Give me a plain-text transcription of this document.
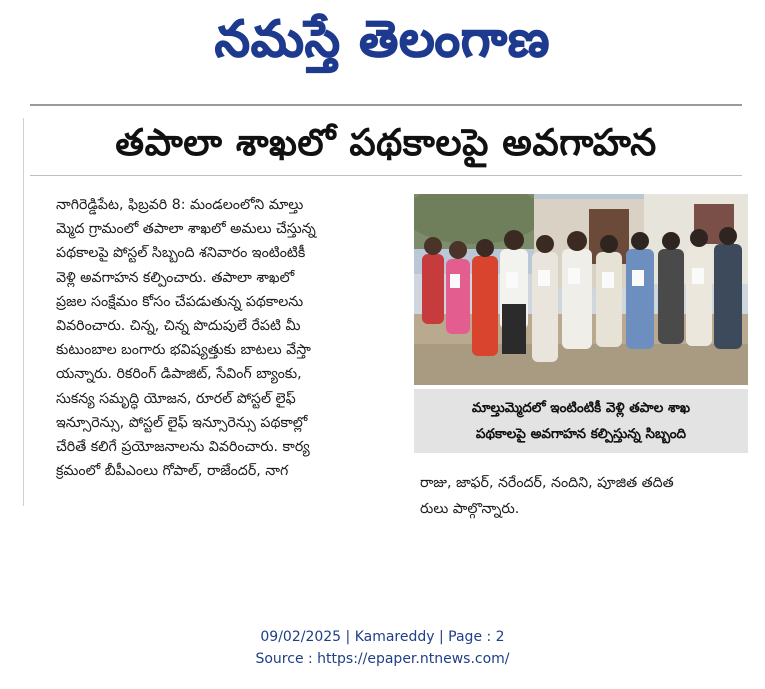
నమస్తే తెలంగాణ
తపాలా శాఖలో పథకాలపై అవగాహన
నాగిరెడ్డిపేట, ఫిబ్రవరి 8: మండలంలోని మాల్తు
మ్మెద గ్రామంలో తపాలా శాఖలో అమలు చేస్తున్న
పథకాలపై పోస్టల్ సిబ్బంది శనివారం ఇంటింటికీ
వెళ్లి అవగాహన కల్పించారు. తపాలా శాఖలో
ప్రజల సంక్షేమం కోసం చేపడుతున్న పథకాలను
వివరించారు. చిన్న, చిన్న పొదుపులే రేపటి మీ
కుటుంబాల బంగారు భవిష్యత్తుకు బాటలు వేస్తా
యన్నారు. రికరింగ్ డిపాజిట్, సేవింగ్ బ్యాంకు,
సుకన్య సమృద్ధి యోజన, రూరల్ పోస్టల్ లైఫ్
ఇన్సూరెన్సు, పోస్టల్ లైఫ్ ఇన్సూరెన్సు పథకాల్లో
చేరితే కలిగే ప్రయోజనాలను వివరించారు. కార్య
క్రమంలో బీపీఎంలు గోపాల్, రాజేందర్, నాగ
మాల్తుమ్మెదలో ఇంటింటికీ వెళ్లి తపాల శాఖ
పథకాలపై అవగాహన కల్పిస్తున్న సిబ్బంది
రాజు, జాఫర్, నరేందర్, నందిని, పూజిత తదిత
రులు పాల్గొన్నారు.
09/02/2025 | Kamareddy | Page : 2
Source : https://epaper.ntnews.com/
